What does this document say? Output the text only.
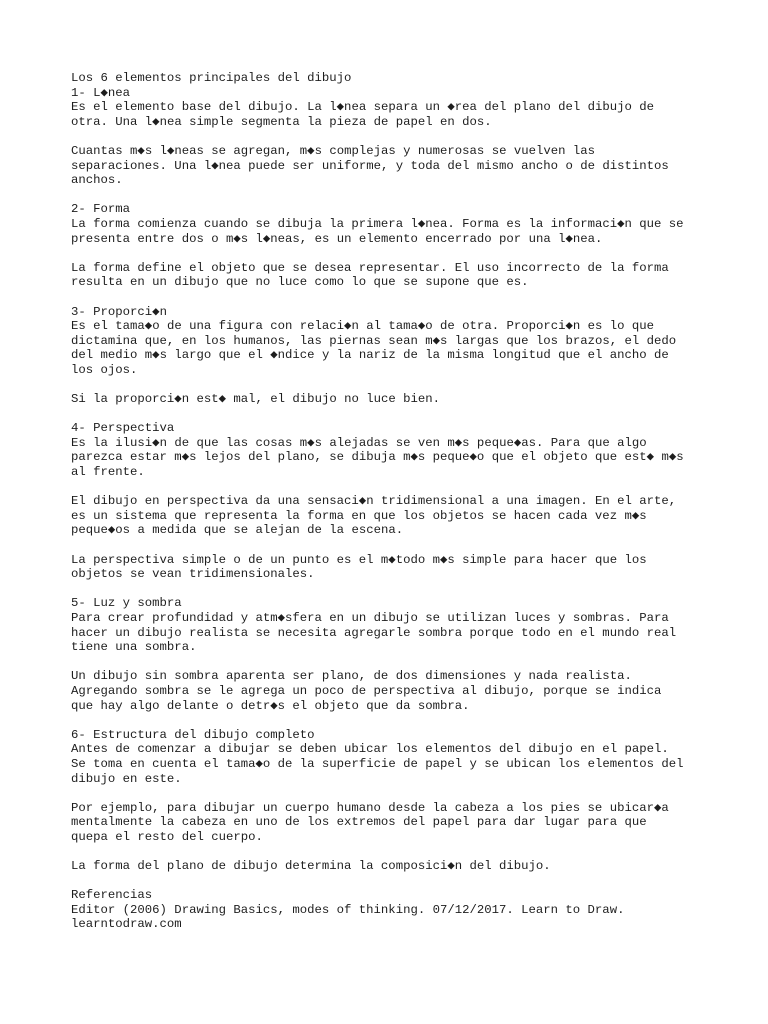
Los 6 elementos principales del dibujo
1- L◆nea
Es el elemento base del dibujo. La l◆nea separa un ◆rea del plano del dibujo de
otra. Una l◆nea simple segmenta la pieza de papel en dos.
Cuantas m◆s l◆neas se agregan, m◆s complejas y numerosas se vuelven las
separaciones. Una l◆nea puede ser uniforme, y toda del mismo ancho o de distintos
anchos.
2- Forma
La forma comienza cuando se dibuja la primera l◆nea. Forma es la informaci◆n que se
presenta entre dos o m◆s l◆neas, es un elemento encerrado por una l◆nea.
La forma define el objeto que se desea representar. El uso incorrecto de la forma
resulta en un dibujo que no luce como lo que se supone que es.
3- Proporci◆n
Es el tama◆o de una figura con relaci◆n al tama◆o de otra. Proporci◆n es lo que
dictamina que, en los humanos, las piernas sean m◆s largas que los brazos, el dedo
del medio m◆s largo que el ◆ndice y la nariz de la misma longitud que el ancho de
los ojos.
Si la proporci◆n est◆ mal, el dibujo no luce bien.
4- Perspectiva
Es la ilusi◆n de que las cosas m◆s alejadas se ven m◆s peque◆as. Para que algo
parezca estar m◆s lejos del plano, se dibuja m◆s peque◆o que el objeto que est◆ m◆s
al frente.
El dibujo en perspectiva da una sensaci◆n tridimensional a una imagen. En el arte,
es un sistema que representa la forma en que los objetos se hacen cada vez m◆s
peque◆os a medida que se alejan de la escena.
La perspectiva simple o de un punto es el m◆todo m◆s simple para hacer que los
objetos se vean tridimensionales.
5- Luz y sombra
Para crear profundidad y atm◆sfera en un dibujo se utilizan luces y sombras. Para
hacer un dibujo realista se necesita agregarle sombra porque todo en el mundo real
tiene una sombra.
Un dibujo sin sombra aparenta ser plano, de dos dimensiones y nada realista.
Agregando sombra se le agrega un poco de perspectiva al dibujo, porque se indica
que hay algo delante o detr◆s el objeto que da sombra.
6- Estructura del dibujo completo
Antes de comenzar a dibujar se deben ubicar los elementos del dibujo en el papel.
Se toma en cuenta el tama◆o de la superficie de papel y se ubican los elementos del
dibujo en este.
Por ejemplo, para dibujar un cuerpo humano desde la cabeza a los pies se ubicar◆a
mentalmente la cabeza en uno de los extremos del papel para dar lugar para que
quepa el resto del cuerpo.
La forma del plano de dibujo determina la composici◆n del dibujo.
Referencias
Editor (2006) Drawing Basics, modes of thinking. 07/12/2017. Learn to Draw.
learntodraw.com
